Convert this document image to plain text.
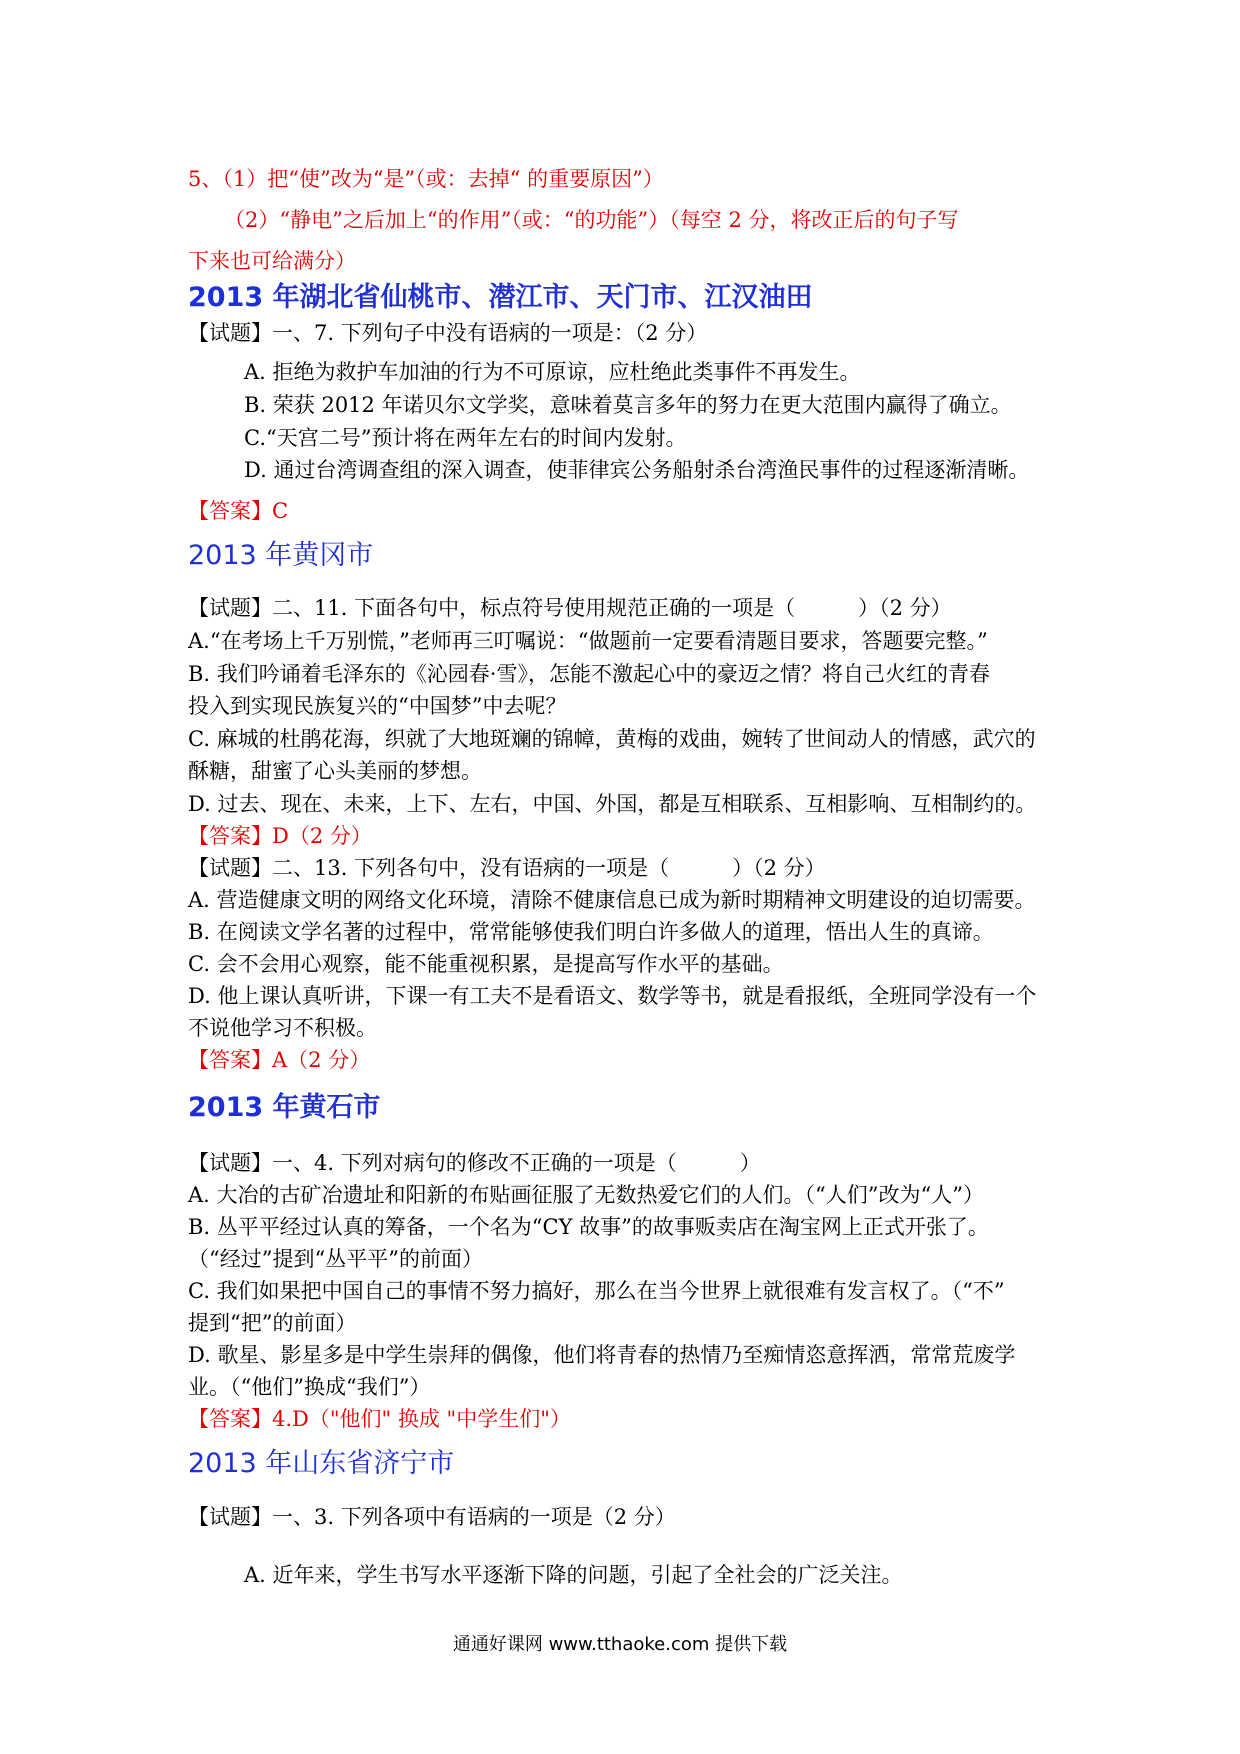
5、（1）把“使”改为“是”（或：去掉“ 的重要原因”）
（2）“静电”之后加上“的作用”（或：“的功能”）（每空 2 分，将改正后的句子写
下来也可给满分）
2013 年湖北省仙桃市、潜江市、天门市、江汉油田
【试题】一、7. 下列句子中没有语病的一项是：（2 分）
A. 拒绝为救护车加油的行为不可原谅，应杜绝此类事件不再发生。
B. 荣获 2012 年诺贝尔文学奖，意味着莫言多年的努力在更大范围内赢得了确立。
C.“天宫二号”预计将在两年左右的时间内发射。
D. 通过台湾调查组的深入调查，使菲律宾公务船射杀台湾渔民事件的过程逐渐清晰。
【答案】C
2013 年黄冈市
【试题】二、11. 下面各句中，标点符号使用规范正确的一项是（　　　）（2 分）
A.“在考场上千万别慌，”老师再三叮嘱说：“做题前一定要看清题目要求，答题要完整。”
B. 我们吟诵着毛泽东的《沁园春·雪》，怎能不激起心中的豪迈之情？将自己火红的青春
投入到实现民族复兴的“中国梦”中去呢？
C. 麻城的杜鹃花海，织就了大地斑斓的锦幛，黄梅的戏曲，婉转了世间动人的情感，武穴的
酥糖，甜蜜了心头美丽的梦想。
D. 过去、现在、未来，上下、左右，中国、外国，都是互相联系、互相影响、互相制约的。
【答案】D（2 分）
【试题】二、13. 下列各句中，没有语病的一项是（　　　）（2 分）
A. 营造健康文明的网络文化环境，清除不健康信息已成为新时期精神文明建设的迫切需要。
B. 在阅读文学名著的过程中，常常能够使我们明白许多做人的道理，悟出人生的真谛。
C. 会不会用心观察，能不能重视积累，是提高写作水平的基础。
D. 他上课认真听讲，下课一有工夫不是看语文、数学等书，就是看报纸，全班同学没有一个
不说他学习不积极。
【答案】A（2 分）
2013 年黄石市
【试题】一、4. 下列对病句的修改不正确的一项是（　　　）
A. 大冶的古矿冶遗址和阳新的布贴画征服了无数热爱它们的人们。（“人们”改为“人”）
B. 丛平平经过认真的筹备，一个名为“CY 故事”的故事贩卖店在淘宝网上正式开张了。
（“经过”提到“丛平平”的前面）
C. 我们如果把中国自己的事情不努力搞好，那么在当今世界上就很难有发言权了。（“不”
提到“把”的前面）
D. 歌星、影星多是中学生崇拜的偶像，他们将青春的热情乃至痴情恣意挥洒，常常荒废学
业。（“他们”换成“我们”）
【答案】4.D（"他们" 换成 "中学生们"）
2013 年山东省济宁市
【试题】一、3. 下列各项中有语病的一项是（2 分）
A. 近年来，学生书写水平逐渐下降的问题，引起了全社会的广泛关注。
通通好课网 www.tthaoke.com 提供下载
